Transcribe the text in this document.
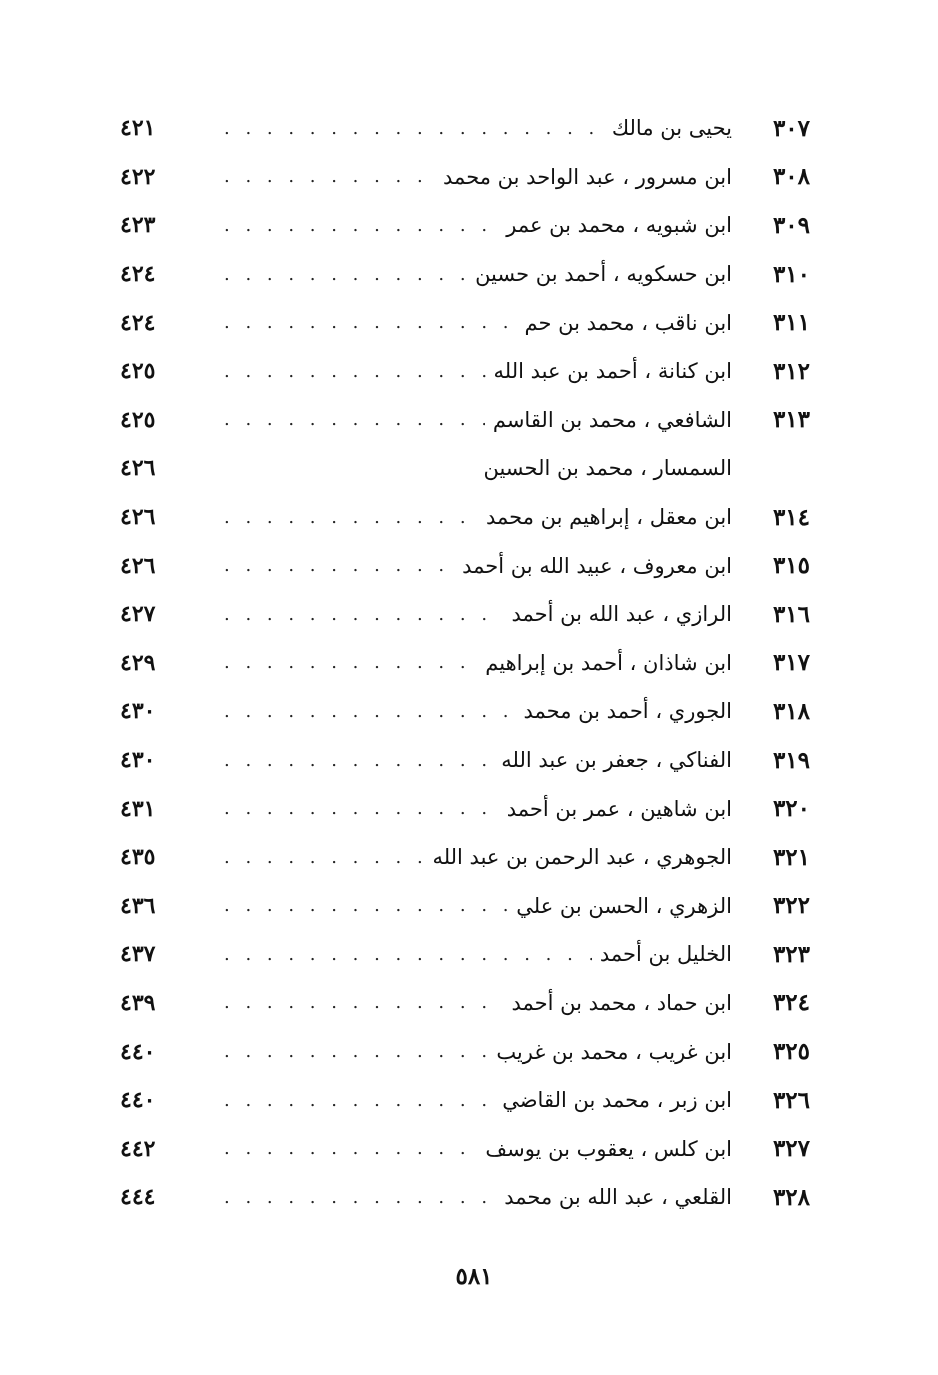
٣٠٧
يحيى بن مالك
. . .
٤٢١
٣٠٨
ابن مسرور ، عبد الواحد بن محمد
. . .
٤٢٢
٣٠٩
ابن شبويه ، محمد بن عمر
. . .
٤٢٣
٣١٠
ابن حسكويه ، أحمد بن حسين
. . .
٤٢٤
٣١١
ابن ناقب ، محمد بن حم
. . .
٤٢٤
٣١٢
ابن كنانة ، أحمد بن عبد الله
. . .
٤٢٥
٣١٣
الشافعي ، محمد بن القاسم
. . .
٤٢٥
السمسار ، محمد بن الحسين
٤٢٦
٣١٤
ابن معقل ، إبراهيم بن محمد
. . .
٤٢٦
٣١٥
ابن معروف ، عبيد الله بن أحمد
. . .
٤٢٦
٣١٦
الرازي ، عبد الله بن أحمد
. . .
٤٢٧
٣١٧
ابن شاذان ، أحمد بن إبراهيم
. . .
٤٢٩
٣١٨
الجوري ، أحمد بن محمد
. . .
٤٣٠
٣١٩
الفناكي ، جعفر بن عبد الله
. . .
٤٣٠
٣٢٠
ابن شاهين ، عمر بن أحمد
. . .
٤٣١
٣٢١
الجوهري ، عبد الرحمن بن عبد الله
. . .
٤٣٥
٣٢٢
الزهري ، الحسن بن علي
. . .
٤٣٦
٣٢٣
الخليل بن أحمد
. . .
٤٣٧
٣٢٤
ابن حماد ، محمد بن أحمد
. . .
٤٣٩
٣٢٥
ابن غريب ، محمد بن غريب
. . .
٤٤٠
٣٢٦
ابن زبر ، محمد بن القاضي
. . .
٤٤٠
٣٢٧
ابن كلس ، يعقوب بن يوسف
. . .
٤٤٢
٣٢٨
القلعي ، عبد الله بن محمد
. . .
٤٤٤
٥٨١
